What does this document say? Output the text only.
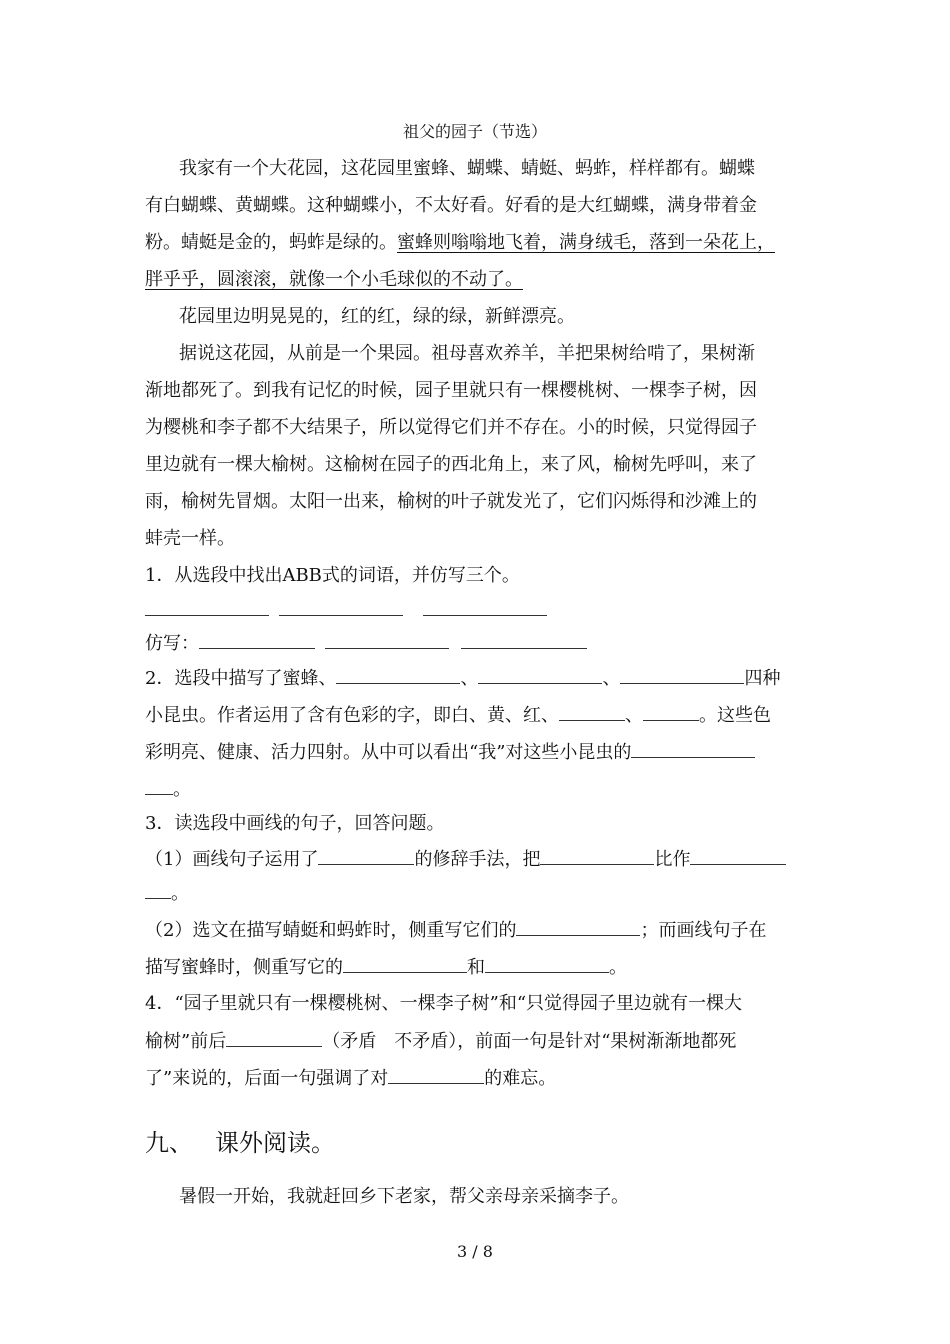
祖父的园子（节选）
我家有一个大花园，这花园里蜜蜂、蝴蝶、蜻蜓、蚂蚱，样样都有。蝴蝶
有白蝴蝶、黄蝴蝶。这种蝴蝶小，不太好看。好看的是大红蝴蝶，满身带着金
粉。蜻蜓是金的，蚂蚱是绿的。蜜蜂则嗡嗡地飞着，满身绒毛，落到一朵花上，
胖乎乎，圆滚滚，就像一个小毛球似的不动了。
花园里边明晃晃的，红的红，绿的绿，新鲜漂亮。
据说这花园，从前是一个果园。祖母喜欢养羊，羊把果树给啃了，果树渐
渐地都死了。到我有记忆的时候，园子里就只有一棵樱桃树、一棵李子树，因
为樱桃和李子都不大结果子，所以觉得它们并不存在。小的时候，只觉得园子
里边就有一棵大榆树。这榆树在园子的西北角上，来了风，榆树先呼叫，来了
雨，榆树先冒烟。太阳一出来，榆树的叶子就发光了，它们闪烁得和沙滩上的
蚌壳一样。
1．从选段中找出ABB式的词语，并仿写三个。
仿写：
2．选段中描写了蜜蜂、	、	、	四种
小昆虫。作者运用了含有色彩的字，即白、黄、红、	、	。这些色
彩明亮、健康、活力四射。从中可以看出“我”对这些小昆虫的
。
3．读选段中画线的句子，回答问题。
（1）画线句子运用了	的修辞手法，把	比作
。
（2）选文在描写蜻蜓和蚂蚱时，侧重写它们的	；而画线句子在
描写蜜蜂时，侧重写它的	和	。
4．“园子里就只有一棵樱桃树、一棵李子树”和“只觉得园子里边就有一棵大
榆树”前后	（矛盾　不矛盾），前面一句是针对“果树渐渐地都死
了”来说的，后面一句强调了对	的难忘。
九、 课外阅读。
暑假一开始，我就赶回乡下老家，帮父亲母亲采摘李子。
3 / 8
